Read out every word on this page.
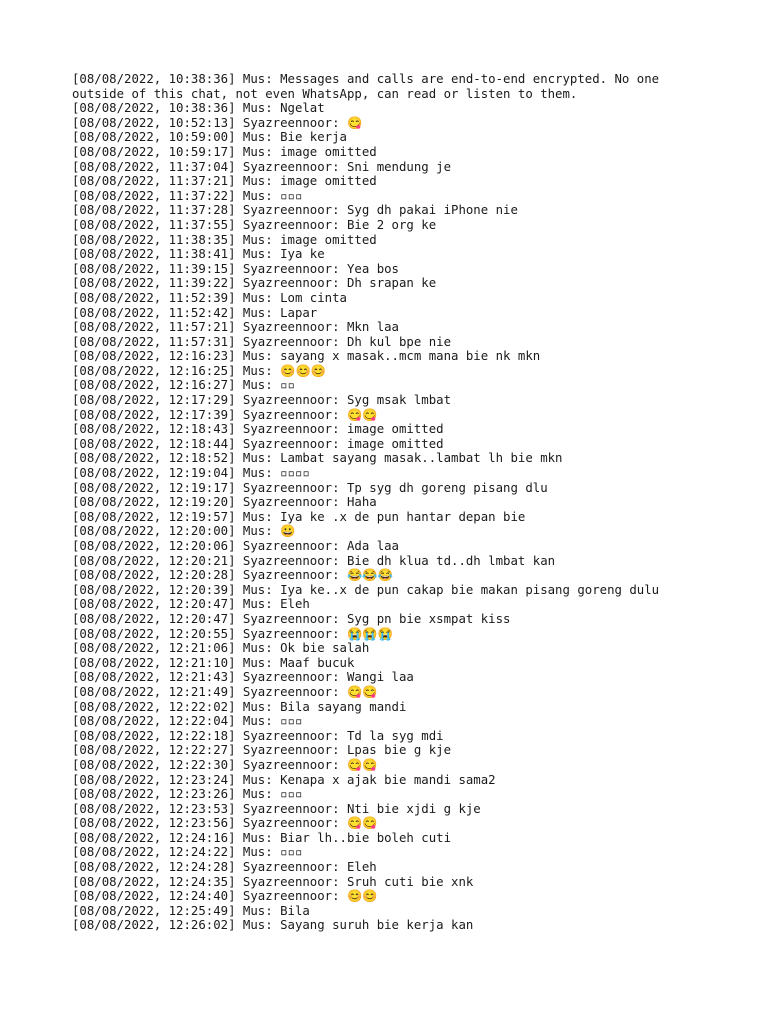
[08/08/2022, 10:38:36] Mus: Messages and calls are end-to-end encrypted. No one
outside of this chat, not even WhatsApp, can read or listen to them.
[08/08/2022, 10:38:36] Mus: Ngelat
[08/08/2022, 10:52:13] Syazreennoor: 😋
[08/08/2022, 10:59:00] Mus: Bie kerja
[08/08/2022, 10:59:17] Mus: image omitted
[08/08/2022, 11:37:04] Syazreennoor: Sni mendung je
[08/08/2022, 11:37:21] Mus: image omitted
[08/08/2022, 11:37:22] Mus: ▫▫▫
[08/08/2022, 11:37:28] Syazreennoor: Syg dh pakai iPhone nie
[08/08/2022, 11:37:55] Syazreennoor: Bie 2 org ke
[08/08/2022, 11:38:35] Mus: image omitted
[08/08/2022, 11:38:41] Mus: Iya ke
[08/08/2022, 11:39:15] Syazreennoor: Yea bos
[08/08/2022, 11:39:22] Syazreennoor: Dh srapan ke
[08/08/2022, 11:52:39] Mus: Lom cinta
[08/08/2022, 11:52:42] Mus: Lapar
[08/08/2022, 11:57:21] Syazreennoor: Mkn laa
[08/08/2022, 11:57:31] Syazreennoor: Dh kul bpe nie
[08/08/2022, 12:16:23] Mus: sayang x masak..mcm mana bie nk mkn
[08/08/2022, 12:16:25] Mus: 😊😊😊
[08/08/2022, 12:16:27] Mus: ▫▫
[08/08/2022, 12:17:29] Syazreennoor: Syg msak lmbat
[08/08/2022, 12:17:39] Syazreennoor: 😋😋
[08/08/2022, 12:18:43] Syazreennoor: image omitted
[08/08/2022, 12:18:44] Syazreennoor: image omitted
[08/08/2022, 12:18:52] Mus: Lambat sayang masak..lambat lh bie mkn
[08/08/2022, 12:19:04] Mus: ▫▫▫▫
[08/08/2022, 12:19:17] Syazreennoor: Tp syg dh goreng pisang dlu
[08/08/2022, 12:19:20] Syazreennoor: Haha
[08/08/2022, 12:19:57] Mus: Iya ke .x de pun hantar depan bie
[08/08/2022, 12:20:00] Mus: 😀
[08/08/2022, 12:20:06] Syazreennoor: Ada laa
[08/08/2022, 12:20:21] Syazreennoor: Bie dh klua td..dh lmbat kan
[08/08/2022, 12:20:28] Syazreennoor: 😂😂😂
[08/08/2022, 12:20:39] Mus: Iya ke..x de pun cakap bie makan pisang goreng dulu
[08/08/2022, 12:20:47] Mus: Eleh
[08/08/2022, 12:20:47] Syazreennoor: Syg pn bie xsmpat kiss
[08/08/2022, 12:20:55] Syazreennoor: 😭😭😭
[08/08/2022, 12:21:06] Mus: Ok bie salah
[08/08/2022, 12:21:10] Mus: Maaf bucuk
[08/08/2022, 12:21:43] Syazreennoor: Wangi laa
[08/08/2022, 12:21:49] Syazreennoor: 😋😋
[08/08/2022, 12:22:02] Mus: Bila sayang mandi
[08/08/2022, 12:22:04] Mus: ▫▫▫
[08/08/2022, 12:22:18] Syazreennoor: Td la syg mdi
[08/08/2022, 12:22:27] Syazreennoor: Lpas bie g kje
[08/08/2022, 12:22:30] Syazreennoor: 😋😋
[08/08/2022, 12:23:24] Mus: Kenapa x ajak bie mandi sama2
[08/08/2022, 12:23:26] Mus: ▫▫▫
[08/08/2022, 12:23:53] Syazreennoor: Nti bie xjdi g kje
[08/08/2022, 12:23:56] Syazreennoor: 😋😋
[08/08/2022, 12:24:16] Mus: Biar lh..bie boleh cuti
[08/08/2022, 12:24:22] Mus: ▫▫▫
[08/08/2022, 12:24:28] Syazreennoor: Eleh
[08/08/2022, 12:24:35] Syazreennoor: Sruh cuti bie xnk
[08/08/2022, 12:24:40] Syazreennoor: 😊😊
[08/08/2022, 12:25:49] Mus: Bila
[08/08/2022, 12:26:02] Mus: Sayang suruh bie kerja kan
